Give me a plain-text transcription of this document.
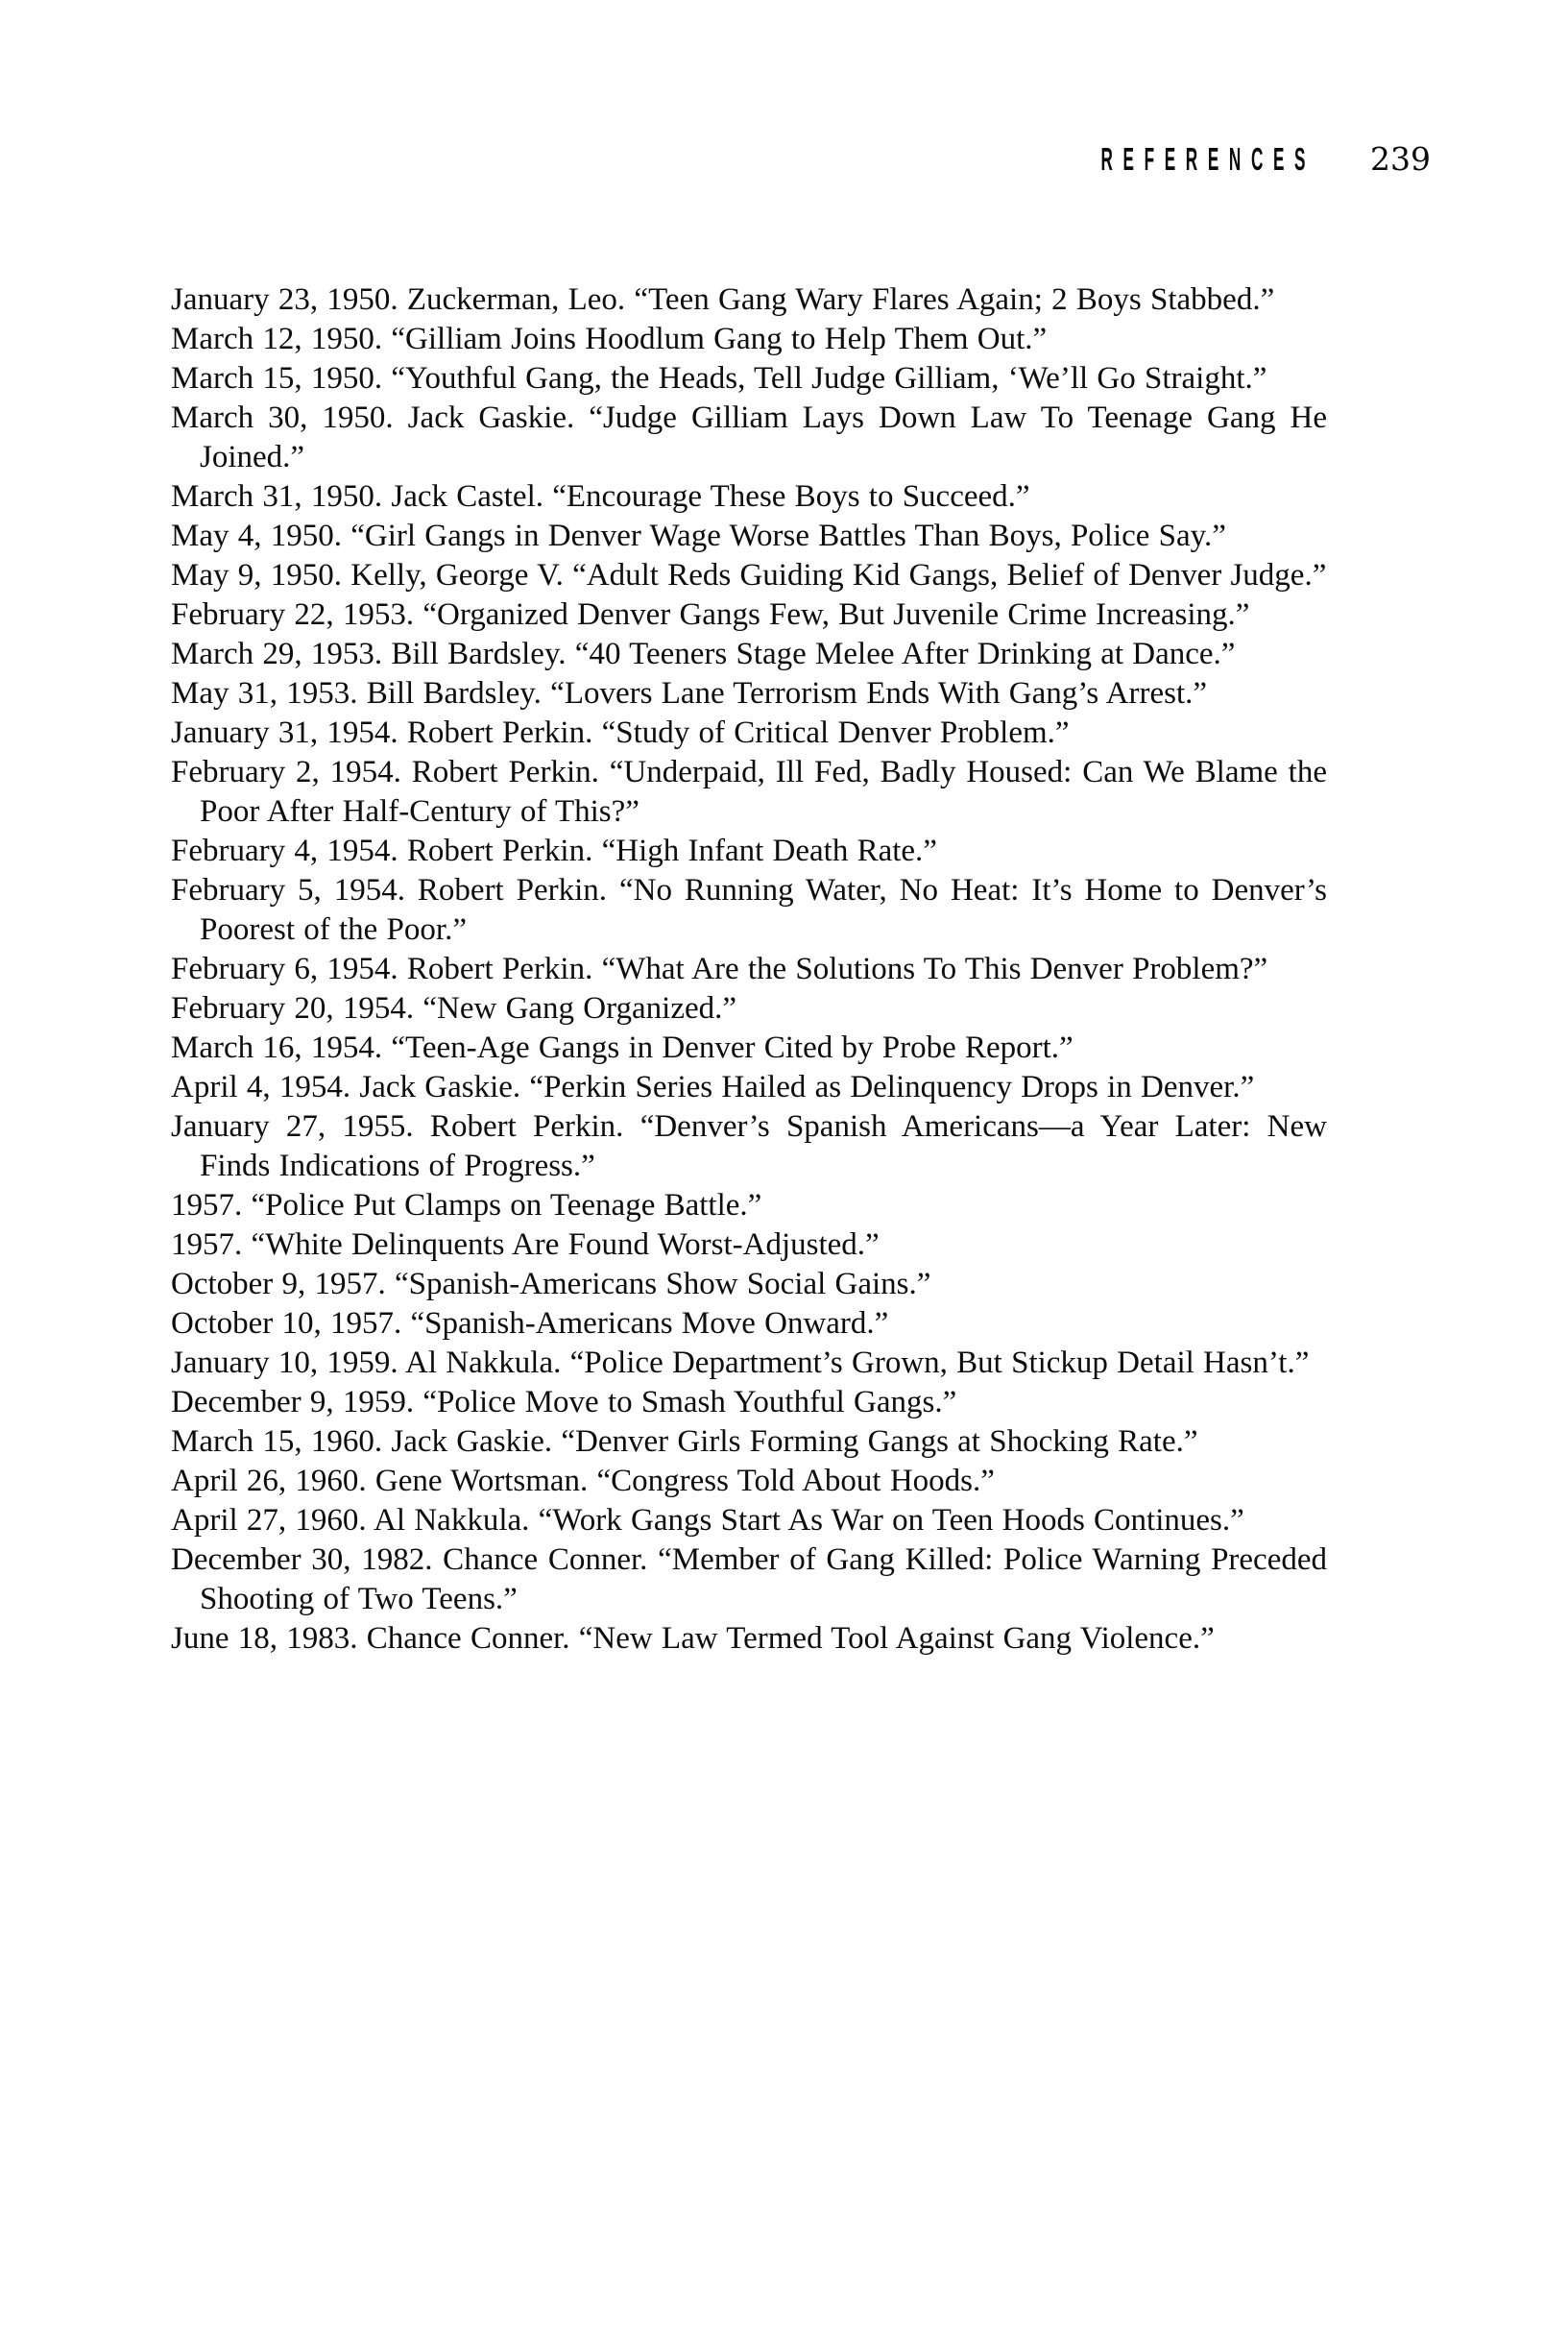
REFERENCES 239

January 23, 1950. Zuckerman, Leo. “Teen Gang Wary Flares Again; 2 Boys Stabbed.”

March 12, 1950. “Gilliam Joins Hoodlum Gang to Help Them Out.”

March 15, 1950. “Youthful Gang, the Heads, Tell Judge Gilliam, ‘We’ll Go Straight.”

March 30, 1950. Jack Gaskie. “Judge Gilliam Lays Down Law To Teenage Gang He Joined.”

March 31, 1950. Jack Castel. “Encourage These Boys to Succeed.”

May 4, 1950. “Girl Gangs in Denver Wage Worse Battles Than Boys, Police Say.”

May 9, 1950. Kelly, George V. “Adult Reds Guiding Kid Gangs, Belief of Denver Judge.”

February 22, 1953. “Organized Denver Gangs Few, But Juvenile Crime Increasing.”

March 29, 1953. Bill Bardsley. “40 Teeners Stage Melee After Drinking at Dance.”

May 31, 1953. Bill Bardsley. “Lovers Lane Terrorism Ends With Gang’s Arrest.”

January 31, 1954. Robert Perkin. “Study of Critical Denver Problem.”

February 2, 1954. Robert Perkin. “Underpaid, Ill Fed, Badly Housed: Can We Blame the Poor After Half-Century of This?”

February 4, 1954. Robert Perkin. “High Infant Death Rate.”

February 5, 1954. Robert Perkin. “No Running Water, No Heat: It’s Home to Denver’s Poorest of the Poor.”

February 6, 1954. Robert Perkin. “What Are the Solutions To This Denver Problem?”

February 20, 1954. “New Gang Organized.”

March 16, 1954. “Teen-Age Gangs in Denver Cited by Probe Report.”

April 4, 1954. Jack Gaskie. “Perkin Series Hailed as Delinquency Drops in Denver.”

January 27, 1955. Robert Perkin. “Denver’s Spanish Americans—a Year Later: New Finds Indications of Progress.”

1957. “Police Put Clamps on Teenage Battle.”

1957. “White Delinquents Are Found Worst-Adjusted.”

October 9, 1957. “Spanish-Americans Show Social Gains.”

October 10, 1957. “Spanish-Americans Move Onward.”

January 10, 1959. Al Nakkula. “Police Department’s Grown, But Stickup Detail Hasn’t.”

December 9, 1959. “Police Move to Smash Youthful Gangs.”

March 15, 1960. Jack Gaskie. “Denver Girls Forming Gangs at Shocking Rate.”

April 26, 1960. Gene Wortsman. “Congress Told About Hoods.”

April 27, 1960. Al Nakkula. “Work Gangs Start As War on Teen Hoods Continues.”

December 30, 1982. Chance Conner. “Member of Gang Killed: Police Warning Preceded Shooting of Two Teens.”

June 18, 1983. Chance Conner. “New Law Termed Tool Against Gang Violence.”
